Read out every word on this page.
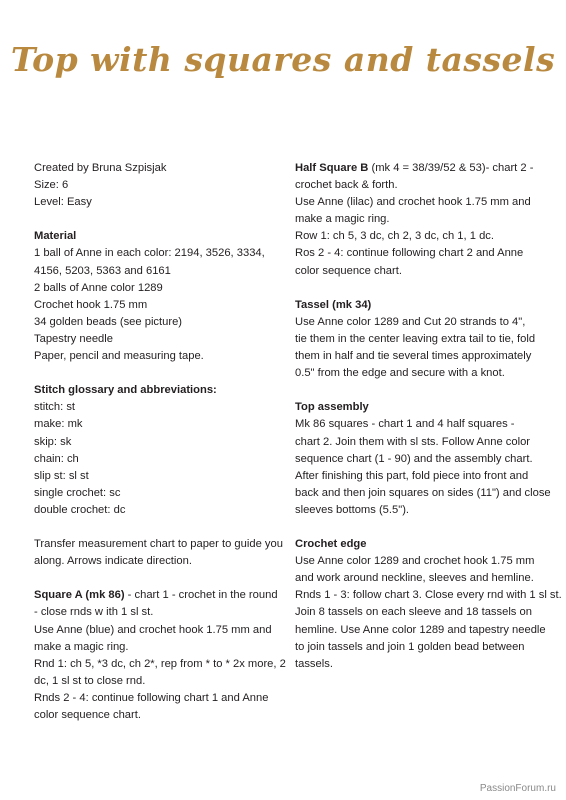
Top with squares and tassels
Created by Bruna Szpisjak
Size: 6
Level: Easy
Material
1 ball of Anne in each color: 2194, 3526, 3334,
4156, 5203, 5363 and 6161
2 balls of Anne color 1289
Crochet hook 1.75 mm
34 golden beads (see picture)
Tapestry needle
Paper, pencil and measuring tape.
Stitch glossary and abbreviations:
stitch: st
make: mk
skip: sk
chain: ch
slip st: sl st
single crochet: sc
double crochet: dc
Transfer measurement chart to paper to guide you
along. Arrows indicate direction.
Square A (mk 86) - chart 1 - crochet in the round
- close rnds w ith 1 sl st.
Use Anne (blue) and crochet hook 1.75 mm and
make a magic ring.
Rnd 1: ch 5, *3 dc, ch 2*, rep from * to * 2x more, 2
dc, 1 sl st to close rnd.
Rnds 2 - 4: continue following chart 1 and Anne
color sequence chart.
Half Square B (mk 4 = 38/39/52 & 53)- chart 2 -
crochet back & forth.
Use Anne (lilac) and crochet hook 1.75 mm and
make a magic ring.
Row 1: ch 5, 3 dc, ch 2, 3 dc, ch 1, 1 dc.
Ros 2 - 4: continue following chart 2 and Anne
color sequence chart.
Tassel (mk 34)
Use Anne color 1289 and Cut 20 strands to 4",
tie them in the center leaving extra tail to tie, fold
them in half and tie several times approximately
0.5" from the edge and secure with a knot.
Top assembly
Mk 86 squares - chart 1 and 4 half squares -
chart 2. Join them with sl sts. Follow Anne color
sequence chart (1 - 90) and the assembly chart.
After finishing this part, fold piece into front and
back and then join squares on sides (11") and close
sleeves bottoms (5.5").
Crochet edge
Use Anne color 1289 and crochet hook 1.75 mm
and work around neckline, sleeves and hemline.
Rnds 1 - 3: follow chart 3. Close every rnd with 1 sl st.
Join 8 tassels on each sleeve and 18 tassels on
hemline. Use Anne color 1289 and tapestry needle
to join tassels and join 1 golden bead between
tassels.
PassionForum.ru
